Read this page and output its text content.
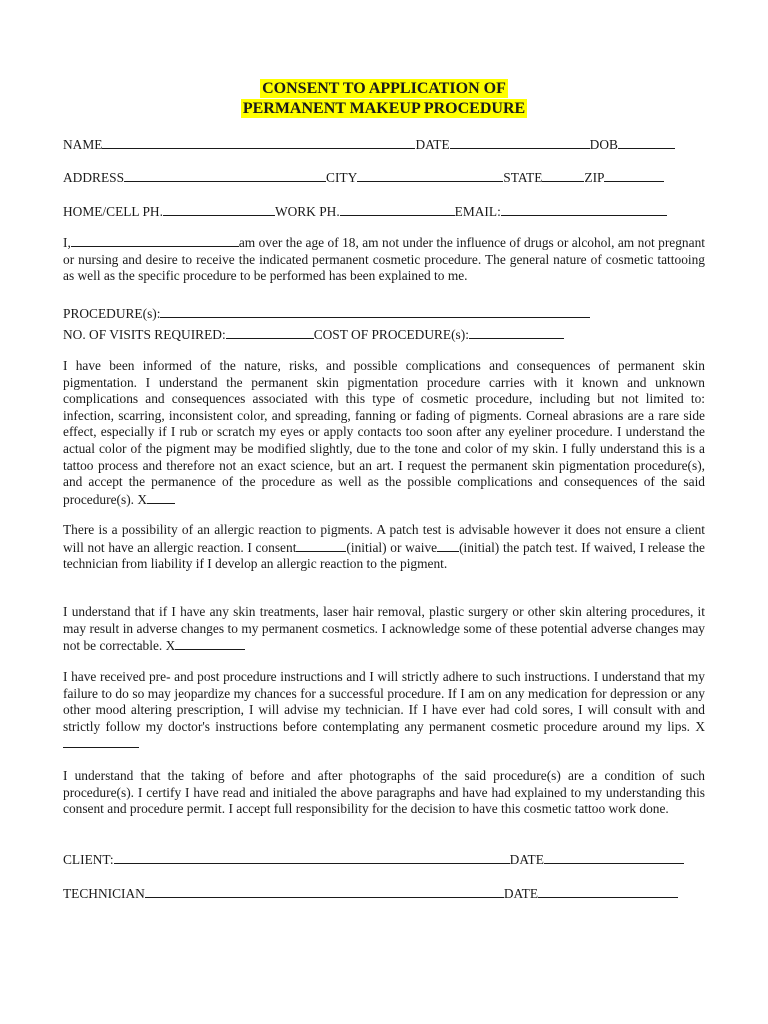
CONSENT TO APPLICATION OF
PERMANENT MAKEUP PROCEDURE
NAME	DATE	DOB
ADDRESS	CITY	STATE	ZIP
HOME/CELL PH.	WORK PH.	EMAIL:
I,	am over the age of 18, am not under the influence of drugs or alcohol, am not pregnant or nursing and desire to receive the indicated permanent cosmetic procedure. The general nature of cosmetic tattooing as well as the specific procedure to be performed has been explained to me.
PROCEDURE(s):
NO. OF VISITS REQUIRED:	COST OF PROCEDURE(s):
I have been informed of the nature, risks, and possible complications and consequences of permanent skin pigmentation. I understand the permanent skin pigmentation procedure carries with it known and unknown complications and consequences associated with this type of cosmetic procedure, including but not limited to: infection, scarring, inconsistent color, and spreading, fanning or fading of pigments. Corneal abrasions are a rare side effect, especially if I rub or scratch my eyes or apply contacts too soon after any eyeliner procedure. I understand the actual color of the pigment may be modified slightly, due to the tone and color of my skin. I fully understand this is a tattoo process and therefore not an exact science, but an art. I request the permanent skin pigmentation procedure(s), and accept the permanence of the procedure as well as the possible complications and consequences of the said procedure(s). X
There is a possibility of an allergic reaction to pigments. A patch test is advisable however it does not ensure a client will not have an allergic reaction. I consent	(initial) or waive (initial) the patch test. If waived, I release the technician from liability if I develop an allergic reaction to the pigment.
I understand that if I have any skin treatments, laser hair removal, plastic surgery or other skin altering procedures, it may result in adverse changes to my permanent cosmetics. I acknowledge some of these potential adverse changes may not be correctable. X
I have received pre- and post procedure instructions and I will strictly adhere to such instructions. I understand that my failure to do so may jeopardize my chances for a successful procedure. If I am on any medication for depression or any other mood altering prescription, I will advise my technician. If I have ever had cold sores, I will consult with and strictly follow my doctor's instructions before contemplating any permanent cosmetic procedure around my lips. X
I understand that the taking of before and after photographs of the said procedure(s) are a condition of such procedure(s). I certify I have read and initialed the above paragraphs and have had explained to my understanding this consent and procedure permit. I accept full responsibility for the decision to have this cosmetic tattoo work done.
CLIENT:	DATE
TECHNICIAN	DATE
